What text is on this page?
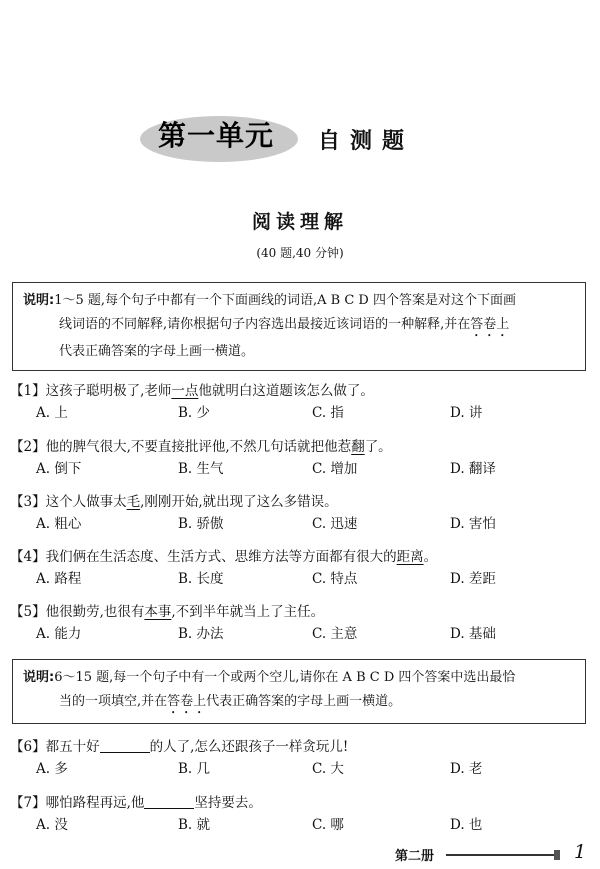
第一单元 自测题
阅读理解
(40 题,40 分钟)
说明:1～5 题,每个句子中都有一个下面画线的词语,A B C D 四个答案是对这个下面画
线词语的不同解释,请你根据句子内容选出最接近该词语的一种解释,并在答卷上
代表正确答案的字母上画一横道。
【1】这孩子聪明极了,老师一点他就明白这道题该怎么做了。
A. 上	B. 少	C. 指	D. 讲
【2】他的脾气很大,不要直接批评他,不然几句话就把他惹翻了。
A. 倒下	B. 生气	C. 增加	D. 翻译
【3】这个人做事太毛,刚刚开始,就出现了这么多错误。
A. 粗心	B. 骄傲	C. 迅速	D. 害怕
【4】我们俩在生活态度、生活方式、思维方法等方面都有很大的距离。
A. 路程	B. 长度	C. 特点	D. 差距
【5】他很勤劳,也很有本事,不到半年就当上了主任。
A. 能力	B. 办法	C. 主意	D. 基础
【6】都五十好	的人了,怎么还跟孩子一样贪玩儿!
A. 多	B. 几	C. 大	D. 老
【7】哪怕路程再远,他	坚持要去。
A. 没	B. 就	C. 哪	D. 也
说明:6～15 题,每一个句子中有一个或两个空儿,请你在 A B C D 四个答案中选出最恰
当的一项填空,并在答卷上代表正确答案的字母上画一横道。
第二册	1
